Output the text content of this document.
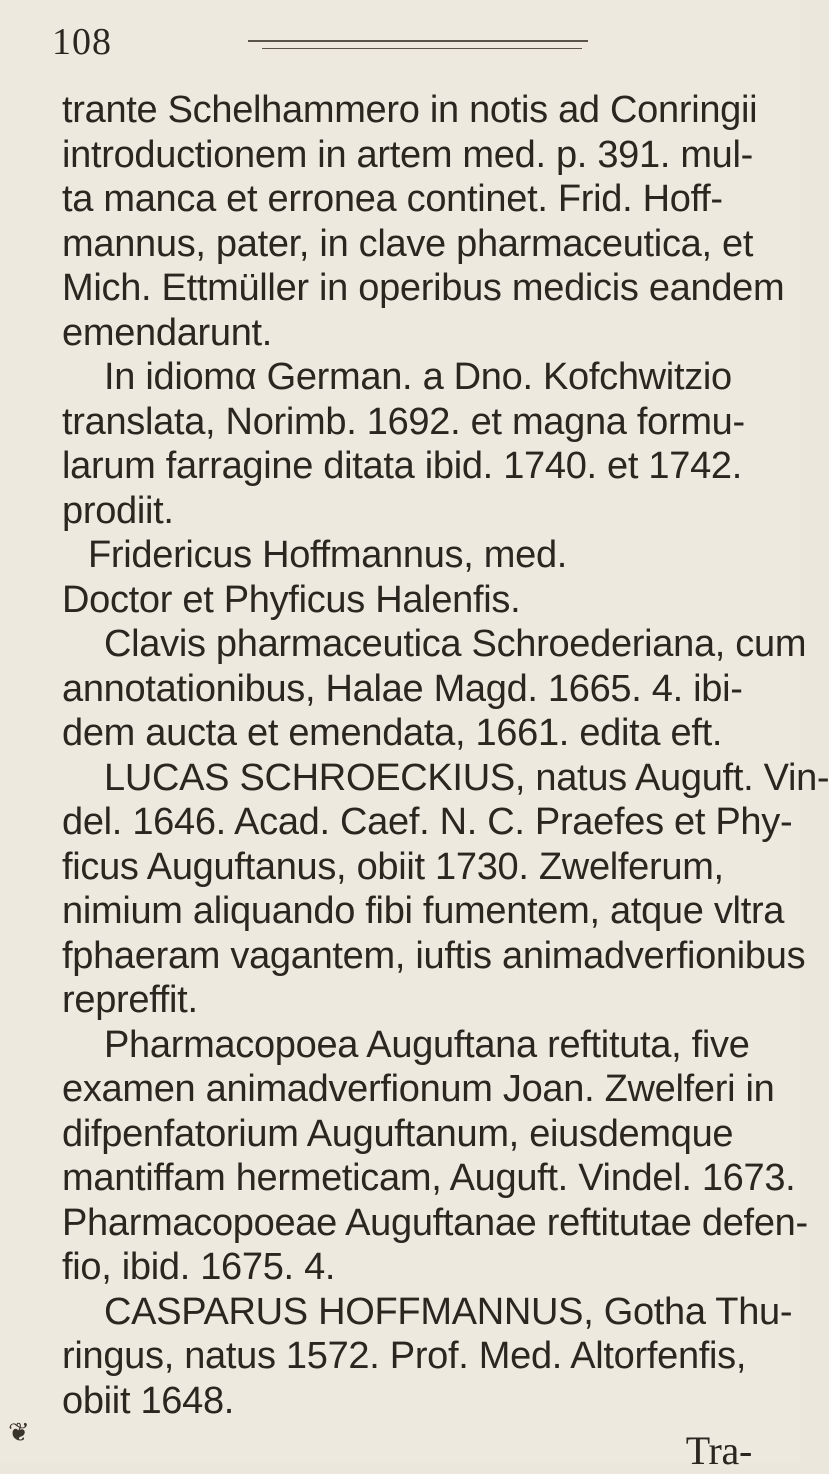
108
trante Schelhammero in notis ad Conringii
introductionem in artem med. p. 391. mul-
ta manca et erronea continet. Frid. Hoff-
mannus, pater, in clave pharmaceutica, et
Mich. Ettmüller in operibus medicis eandem
emendarunt.
In idiomα German. a Dno. Kofchwitzio
translata, Norimb. 1692. et magna formu-
larum farragine ditata ibid. 1740. et 1742.
prodiit.
Fridericus Hoffmannus, med.
Doctor et Phyficus Halenfis.
Clavis pharmaceutica Schroederiana, cum
annotationibus, Halae Magd. 1665. 4. ibi-
dem aucta et emendata, 1661. edita eft.
LUCAS SCHROECKIUS, natus Auguft. Vin-
del. 1646. Acad. Caef. N. C. Praefes et Phy-
ficus Auguftanus, obiit 1730. Zwelferum,
nimium aliquando fibi fumentem, atque vltra
fphaeram vagantem, iuftis animadverfionibus
repreffit.
Pharmacopoea Auguftana reftituta, five
examen animadverfionum Joan. Zwelferi in
difpenfatorium Auguftanum, eiusdemque
mantiffam hermeticam, Auguft. Vindel. 1673.
Pharmacopoeae Auguftanae reftitutae defen-
fio, ibid. 1675. 4.
CASPARUS HOFFMANNUS, Gotha Thu-
ringus, natus 1572. Prof. Med. Altorfenfis,
obiit 1648.
Tra-
❦
